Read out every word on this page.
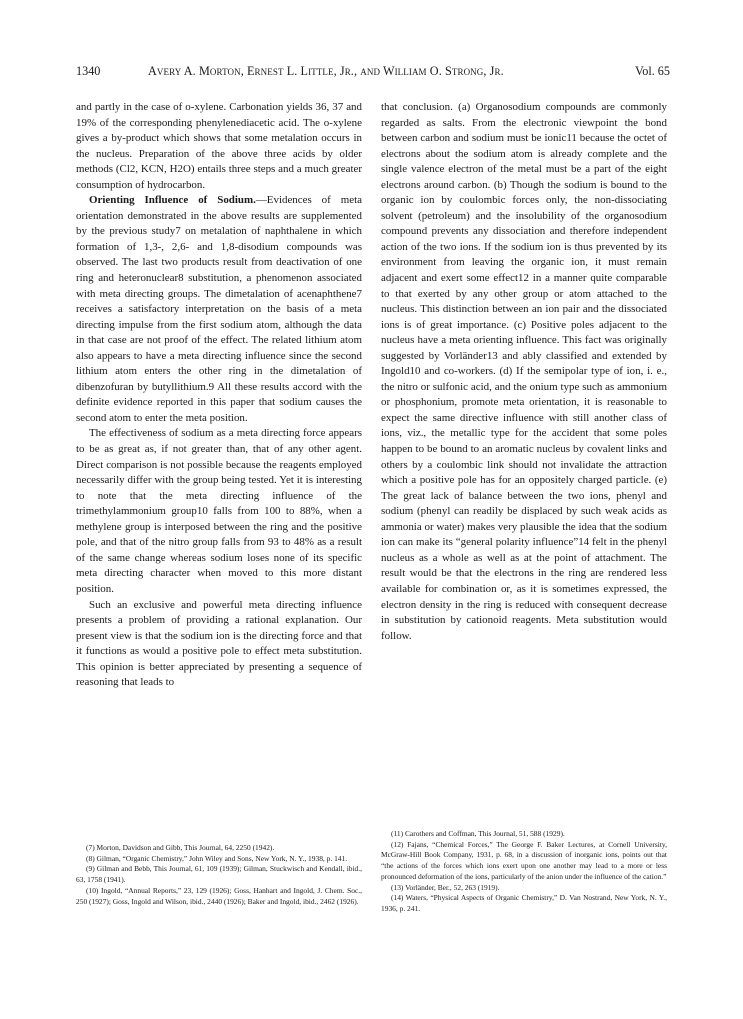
1340	Avery A. Morton, Ernest L. Little, Jr., and William O. Strong, Jr.	Vol. 65

and partly in the case of o-xylene. Carbonation yields 36, 37 and 19% of the corresponding phenylenediacetic acid. The o-xylene gives a by-product which shows that some metalation occurs in the nucleus. Preparation of the above three acids by older methods (Cl2, KCN, H2O) entails three steps and a much greater consumption of hydrocarbon.

Orienting Influence of Sodium.—Evidences of meta orientation demonstrated in the above results are supplemented by the previous study7 on metalation of naphthalene in which formation of 1,3-, 2,6- and 1,8-disodium compounds was observed. The last two products result from deactivation of one ring and heteronuclear8 substitution, a phenomenon associated with meta directing groups. The dimetalation of acenaphthene7 receives a satisfactory interpretation on the basis of a meta directing impulse from the first sodium atom, although the data in that case are not proof of the effect. The related lithium atom also appears to have a meta directing influence since the second lithium atom enters the other ring in the dimetalation of dibenzofuran by butyllithium.9 All these results accord with the definite evidence reported in this paper that sodium causes the second atom to enter the meta position.

The effectiveness of sodium as a meta directing force appears to be as great as, if not greater than, that of any other agent. Direct comparison is not possible because the reagents employed necessarily differ with the group being tested. Yet it is interesting to note that the meta directing influence of the trimethylammonium group10 falls from 100 to 88%, when a methylene group is interposed between the ring and the positive pole, and that of the nitro group falls from 93 to 48% as a result of the same change whereas sodium loses none of its specific meta directing character when moved to this more distant position.

Such an exclusive and powerful meta directing influence presents a problem of providing a rational explanation. Our present view is that the sodium ion is the directing force and that it functions as would a positive pole to effect meta substitution. This opinion is better appreciated by presenting a sequence of reasoning that leads to

that conclusion. (a) Organosodium compounds are commonly regarded as salts. From the electronic viewpoint the bond between carbon and sodium must be ionic11 because the octet of electrons about the sodium atom is already complete and the single valence electron of the metal must be a part of the eight electrons around carbon. (b) Though the sodium is bound to the organic ion by coulombic forces only, the non-dissociating solvent (petroleum) and the insolubility of the organosodium compound prevents any dissociation and therefore independent action of the two ions. If the sodium ion is thus prevented by its environment from leaving the organic ion, it must remain adjacent and exert some effect12 in a manner quite comparable to that exerted by any other group or atom attached to the nucleus. This distinction between an ion pair and the dissociated ions is of great importance. (c) Positive poles adjacent to the nucleus have a meta orienting influence. This fact was originally suggested by Vorländer13 and ably classified and extended by Ingold10 and co-workers. (d) If the semipolar type of ion, i. e., the nitro or sulfonic acid, and the onium type such as ammonium or phosphonium, promote meta orientation, it is reasonable to expect the same directive influence with still another class of ions, viz., the metallic type for the accident that some poles happen to be bound to an aromatic nucleus by covalent links and others by a coulombic link should not invalidate the attraction which a positive pole has for an oppositely charged particle. (e) The great lack of balance between the two ions, phenyl and sodium (phenyl can readily be displaced by such weak acids as ammonia or water) makes very plausible the idea that the sodium ion can make its “general polarity influence”14 felt in the phenyl nucleus as a whole as well as at the point of attachment. The result would be that the electrons in the ring are rendered less available for combination or, as it is sometimes expressed, the electron density in the ring is reduced with consequent decrease in substitution by cationoid reagents. Meta substitution would follow.

(7) Morton, Davidson and Gibb, This Journal, 64, 2250 (1942).

(8) Gilman, “Organic Chemistry,” John Wiley and Sons, New York, N. Y., 1938, p. 141.

(9) Gilman and Bebb, This Journal, 61, 109 (1939); Gilman, Stuckwisch and Kendall, ibid., 63, 1758 (1941).

(10) Ingold, “Annual Reports,” 23, 129 (1926); Goss, Hanhart and Ingold, J. Chem. Soc., 250 (1927); Goss, Ingold and Wilson, ibid., 2440 (1926); Baker and Ingold, ibid., 2462 (1926).

(11) Carothers and Coffman, This Journal, 51, 588 (1929).

(12) Fajans, “Chemical Forces,” The George F. Baker Lectures, at Cornell University, McGraw-Hill Book Company, 1931, p. 68, in a discussion of inorganic ions, points out that “the actions of the forces which ions exert upon one another may lead to a more or less pronounced deformation of the ions, particularly of the anion under the influence of the cation.”

(13) Vorländer, Ber., 52, 263 (1919).

(14) Waters, “Physical Aspects of Organic Chemistry,” D. Van Nostrand, New York, N. Y., 1936, p. 241.
